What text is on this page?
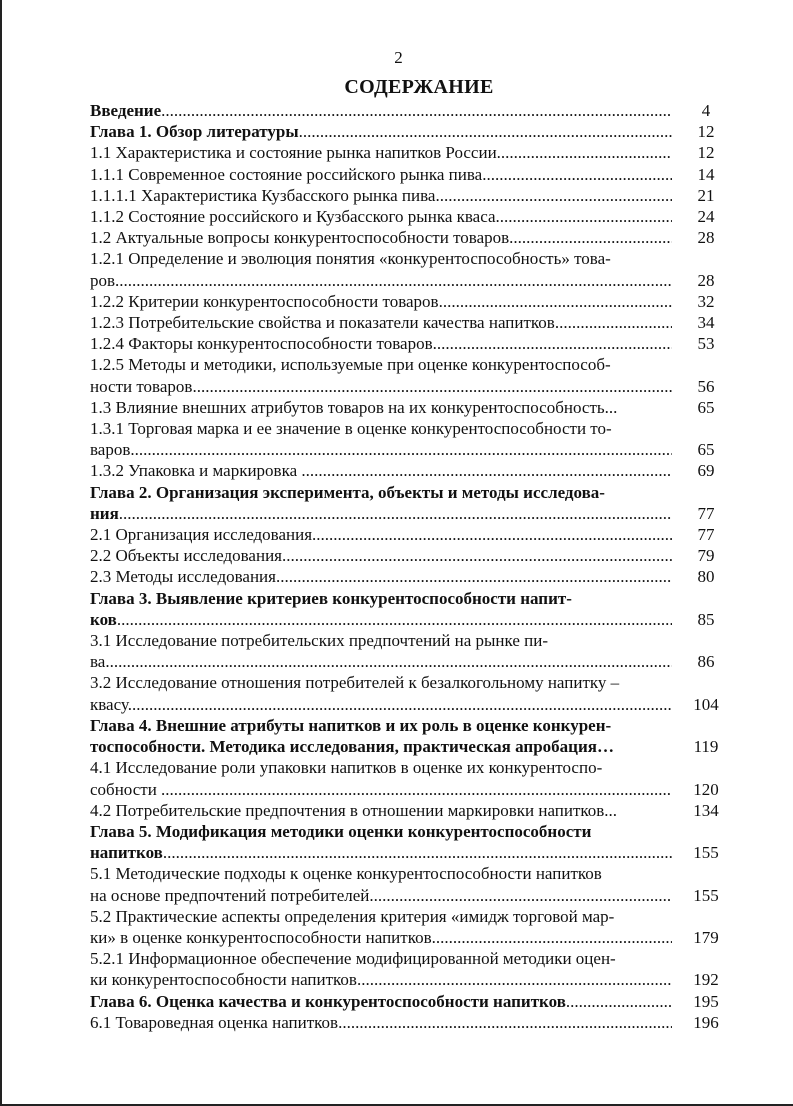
2
СОДЕРЖАНИЕ
Введение .....	4
Глава 1. Обзор литературы .....	12
1.1 Характеристика и состояние рынка напитков России .....	12
1.1.1 Современное состояние российского рынка пива .....	14
1.1.1.1 Характеристика Кузбасского рынка пива .....	21
1.1.2 Состояние российского и Кузбасского рынка кваса .....	24
1.2 Актуальные вопросы конкурентоспособности товаров .....	28
1.2.1 Определение и эволюция понятия «конкурентоспособность» това-
ров .....	28
1.2.2 Критерии конкурентоспособности товаров .....	32
1.2.3 Потребительские свойства и показатели качества напитков .....	34
1.2.4 Факторы конкурентоспособности товаров .....	53
1.2.5 Методы и методики, используемые при оценке конкурентоспособ-
ности товаров .....	56
1.3 Влияние внешних атрибутов товаров на их конкурентоспособность...	65
1.3.1 Торговая марка и ее значение в оценке конкурентоспособности то-
варов .....	65
1.3.2 Упаковка и маркировка .....	69
Глава 2. Организация эксперимента, объекты и методы исследова-
ния .....	77
2.1 Организация исследования .....	77
2.2 Объекты исследования .....	79
2.3 Методы исследования .....	80
Глава 3. Выявление критериев конкурентоспособности напит-
ков .....	85
3.1 Исследование потребительских предпочтений на рынке пи-
ва .....	86
3.2 Исследование отношения потребителей к безалкогольному напитку –
квасу .....	104
Глава 4. Внешние атрибуты напитков и их роль в оценке конкурен-
тоспособности. Методика исследования, практическая апробация…	119
4.1 Исследование роли упаковки напитков в оценке их конкурентоспо-
собности .....	120
4.2 Потребительские предпочтения в отношении маркировки напитков...	134
Глава 5. Модификация методики оценки конкурентоспособности
напитков .....	155
5.1 Методические подходы к оценке конкурентоспособности напитков
на основе предпочтений потребителей .....	155
5.2 Практические аспекты определения критерия «имидж торговой мар-
ки» в оценке конкурентоспособности напитков .....	179
5.2.1 Информационное обеспечение модифицированной методики оцен-
ки конкурентоспособности напитков .....	192
Глава 6. Оценка качества и конкурентоспособности напитков .....	195
6.1 Товароведная оценка напитков .....	196
